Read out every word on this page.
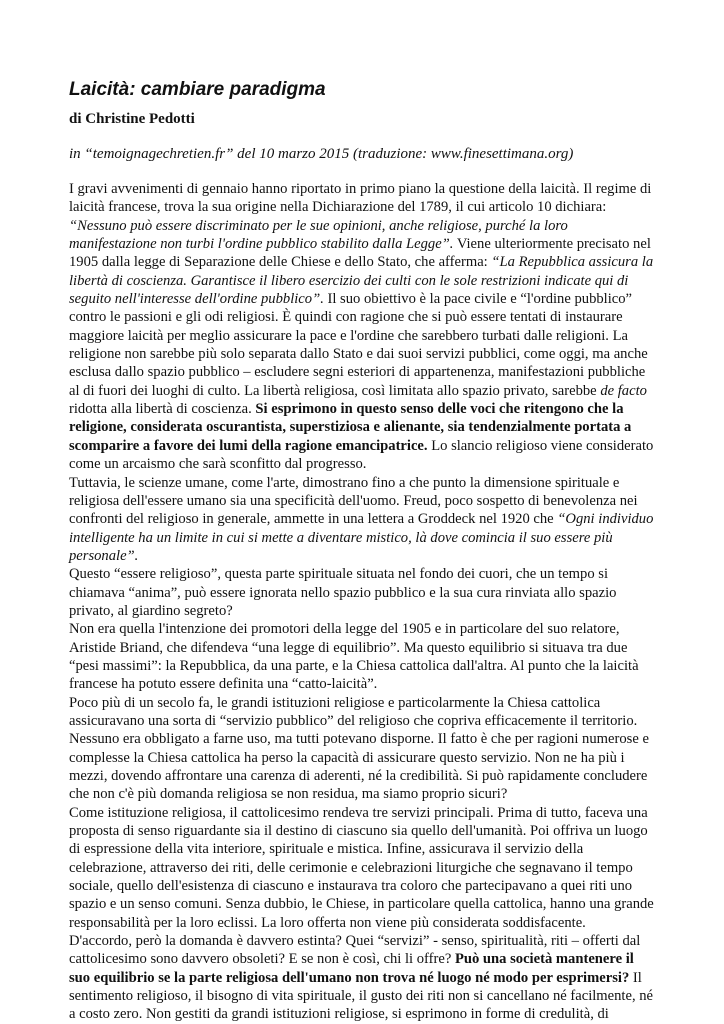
Laicità: cambiare paradigma
di Christine Pedotti
in “temoignagechretien.fr” del 10 marzo 2015 (traduzione: www.finesettimana.org)

I gravi avvenimenti di gennaio hanno riportato in primo piano la questione della laicità. Il regime di laicità francese, trova la sua origine nella Dichiarazione del 1789, il cui articolo 10 dichiara: “Nessuno può essere discriminato per le sue opinioni, anche religiose, purché la loro manifestazione non turbi l'ordine pubblico stabilito dalla Legge”. Viene ulteriormente precisato nel 1905 dalla legge di Separazione delle Chiese e dello Stato, che afferma: “La Repubblica assicura la libertà di coscienza. Garantisce il libero esercizio dei culti con le sole restrizioni indicate qui di seguito nell'interesse dell'ordine pubblico”. Il suo obiettivo è la pace civile e “l'ordine pubblico” contro le passioni e gli odi religiosi. È quindi con ragione che si può essere tentati di instaurare maggiore laicità per meglio assicurare la pace e l'ordine che sarebbero turbati dalle religioni. La religione non sarebbe più solo separata dallo Stato e dai suoi servizi pubblici, come oggi, ma anche esclusa dallo spazio pubblico – escludere segni esteriori di appartenenza, manifestazioni pubbliche al di fuori dei luoghi di culto. La libertà religiosa, così limitata allo spazio privato, sarebbe de facto ridotta alla libertà di coscienza. Si esprimono in questo senso delle voci che ritengono che la religione, considerata oscurantista, superstiziosa e alienante, sia tendenzialmente portata a scomparire a favore dei lumi della ragione emancipatrice. Lo slancio religioso viene considerato come un arcaismo che sarà sconfitto dal progresso.

Tuttavia, le scienze umane, come l'arte, dimostrano fino a che punto la dimensione spirituale e religiosa dell'essere umano sia una specificità dell'uomo. Freud, poco sospetto di benevolenza nei confronti del religioso in generale, ammette in una lettera a Groddeck nel 1920 che “Ogni individuo intelligente ha un limite in cui si mette a diventare mistico, là dove comincia il suo essere più personale”.

Questo “essere religioso”, questa parte spirituale situata nel fondo dei cuori, che un tempo si chiamava “anima”, può essere ignorata nello spazio pubblico e la sua cura rinviata allo spazio privato, al giardino segreto?

Non era quella l'intenzione dei promotori della legge del 1905 e in particolare del suo relatore, Aristide Briand, che difendeva “una legge di equilibrio”. Ma questo equilibrio si situava tra due “pesi massimi”: la Repubblica, da una parte, e la Chiesa cattolica dall'altra. Al punto che la laicità francese ha potuto essere definita una “catto-laicità”.

Poco più di un secolo fa, le grandi istituzioni religiose e particolarmente la Chiesa cattolica assicuravano una sorta di “servizio pubblico” del religioso che copriva efficacemente il territorio. Nessuno era obbligato a farne uso, ma tutti potevano disporne. Il fatto è che per ragioni numerose e complesse la Chiesa cattolica ha perso la capacità di assicurare questo servizio. Non ne ha più i mezzi, dovendo affrontare una carenza di aderenti, né la credibilità. Si può rapidamente concludere che non c'è più domanda religiosa se non residua, ma siamo proprio sicuri?

Come istituzione religiosa, il cattolicesimo rendeva tre servizi principali. Prima di tutto, faceva una proposta di senso riguardante sia il destino di ciascuno sia quello dell'umanità. Poi offriva un luogo di espressione della vita interiore, spirituale e mistica. Infine, assicurava il servizio della celebrazione, attraverso dei riti, delle cerimonie e celebrazioni liturgiche che segnavano il tempo sociale, quello dell'esistenza di ciascuno e instaurava tra coloro che partecipavano a quei riti uno spazio e un senso comuni. Senza dubbio, le Chiese, in particolare quella cattolica, hanno una grande responsabilità per la loro eclissi. La loro offerta non viene più considerata soddisfacente.

D'accordo, però la domanda è davvero estinta? Quei “servizi” - senso, spiritualità, riti – offerti dal cattolicesimo sono davvero obsoleti? E se non è così, chi li offre? Può una società mantenere il suo equilibrio se la parte religiosa dell'umano non trova né luogo né modo per esprimersi? Il sentimento religioso, il bisogno di vita spirituale, il gusto dei riti non si cancellano né facilmente, né a costo zero. Non gestiti da grandi istituzioni religiose, si esprimono in forme di credulità, di
